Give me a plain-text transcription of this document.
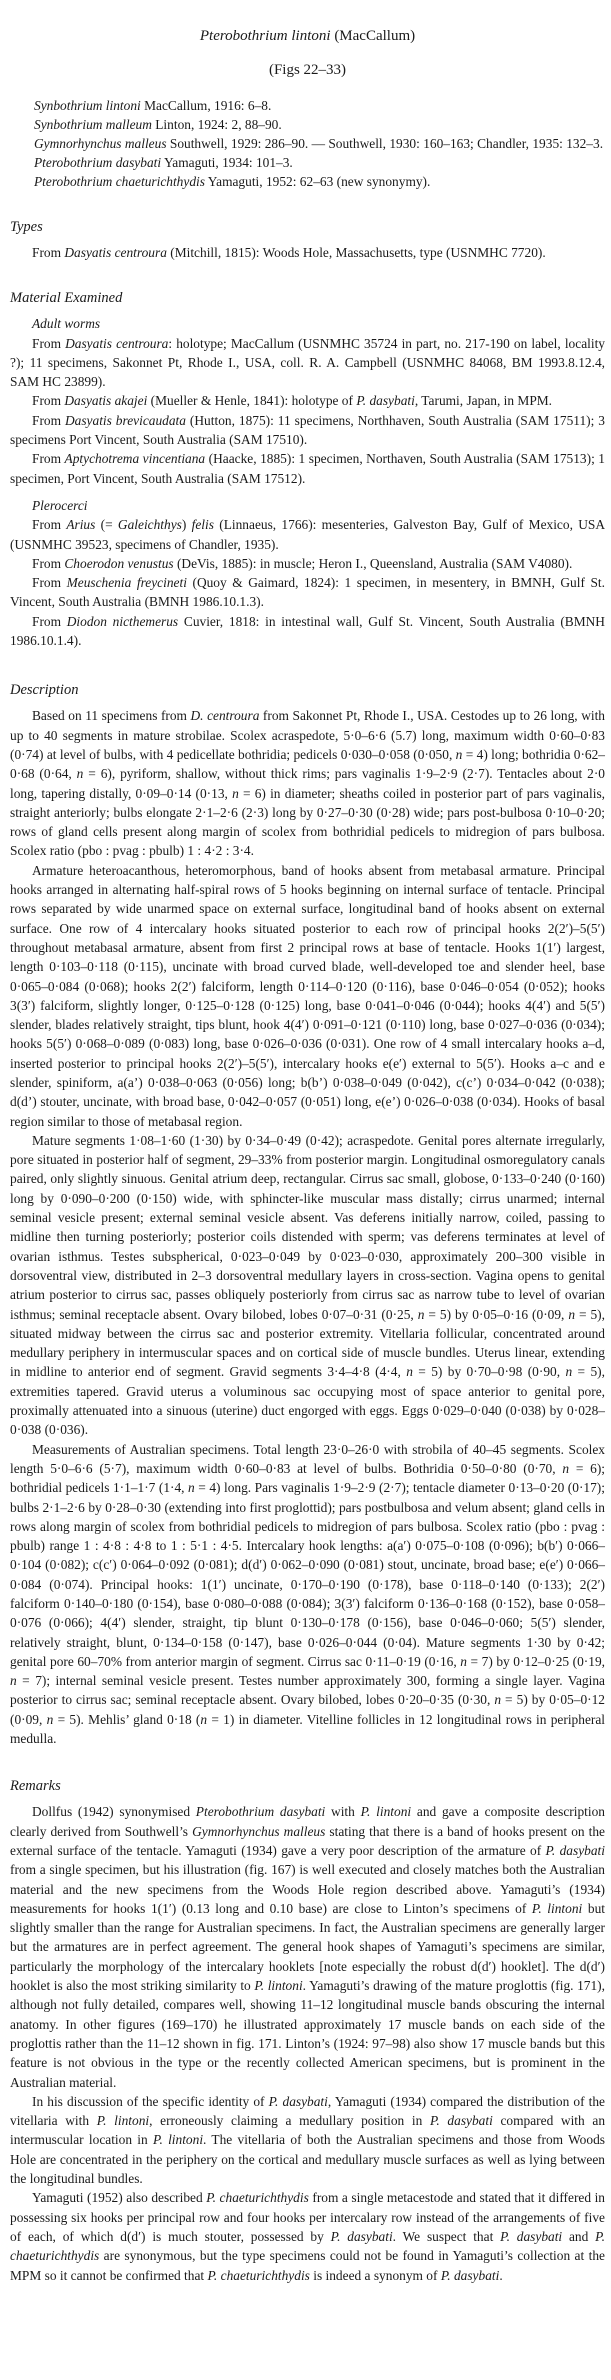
Pterobothrium lintoni (MacCallum)
(Figs 22–33)
Synbothrium lintoni MacCallum, 1916: 6–8.
Synbothrium malleum Linton, 1924: 2, 88–90.
Gymnorhynchus malleus Southwell, 1929: 286–90. — Southwell, 1930: 160–163; Chandler, 1935: 132–3.
Pterobothrium dasybati Yamaguti, 1934: 101–3.
Pterobothrium chaeturichthydis Yamaguti, 1952: 62–63 (new synonymy).
Types
From Dasyatis centroura (Mitchill, 1815): Woods Hole, Massachusetts, type (USNMHC 7720).
Material Examined
Adult worms
From Dasyatis centroura: holotype; MacCallum (USNMHC 35724 in part, no. 217-190 on label, locality ?); 11 specimens, Sakonnet Pt, Rhode I., USA, coll. R. A. Campbell (USNMHC 84068, BM 1993.8.12.4, SAM HC 23899).
From Dasyatis akajei (Mueller & Henle, 1841): holotype of P. dasybati, Tarumi, Japan, in MPM.
From Dasyatis brevicaudata (Hutton, 1875): 11 specimens, Northhaven, South Australia (SAM 17511); 3 specimens Port Vincent, South Australia (SAM 17510).
From Aptychotrema vincentiana (Haacke, 1885): 1 specimen, Northaven, South Australia (SAM 17513); 1 specimen, Port Vincent, South Australia (SAM 17512).
Plerocerci
From Arius (= Galeichthys) felis (Linnaeus, 1766): mesenteries, Galveston Bay, Gulf of Mexico, USA (USNMHC 39523, specimens of Chandler, 1935).
From Choerodon venustus (DeVis, 1885): in muscle; Heron I., Queensland, Australia (SAM V4080).
From Meuschenia freycineti (Quoy & Gaimard, 1824): 1 specimen, in mesentery, in BMNH, Gulf St. Vincent, South Australia (BMNH 1986.10.1.3).
From Diodon nicthemerus Cuvier, 1818: in intestinal wall, Gulf St. Vincent, South Australia (BMNH 1986.10.1.4).
Description
Based on 11 specimens from D. centroura from Sakonnet Pt, Rhode I., USA. Cestodes up to 26 long, with up to 40 segments in mature strobilae. Scolex acraspedote, 5·0–6·6 (5.7) long, maximum width 0·60–0·83 (0·74) at level of bulbs, with 4 pedicellate bothridia; pedicels 0·030–0·058 (0·050, n = 4) long; bothridia 0·62–0·68 (0·64, n = 6), pyriform, shallow, without thick rims; pars vaginalis 1·9–2·9 (2·7). Tentacles about 2·0 long, tapering distally, 0·09–0·14 (0·13, n = 6) in diameter; sheaths coiled in posterior part of pars vaginalis, straight anteriorly; bulbs elongate 2·1–2·6 (2·3) long by 0·27–0·30 (0·28) wide; pars post-bulbosa 0·10–0·20; rows of gland cells present along margin of scolex from bothridial pedicels to midregion of pars bulbosa. Scolex ratio (pbo : pvag : pbulb) 1 : 4·2 : 3·4.
Armature heteroacanthous, heteromorphous, band of hooks absent from metabasal armature. Principal hooks arranged in alternating half-spiral rows of 5 hooks beginning on internal surface of tentacle. Principal rows separated by wide unarmed space on external surface, longitudinal band of hooks absent on external surface. One row of 4 intercalary hooks situated posterior to each row of principal hooks 2(2′)–5(5′) throughout metabasal armature, absent from first 2 principal rows at base of tentacle. Hooks 1(1′) largest, length 0·103–0·118 (0·115), uncinate with broad curved blade, well-developed toe and slender heel, base 0·065–0·084 (0·068); hooks 2(2′) falciform, length 0·114–0·120 (0·116), base 0·046–0·054 (0·052); hooks 3(3′) falciform, slightly longer, 0·125–0·128 (0·125) long, base 0·041–0·046 (0·044); hooks 4(4′) and 5(5′) slender, blades relatively straight, tips blunt, hook 4(4′) 0·091–0·121 (0·110) long, base 0·027–0·036 (0·034); hooks 5(5′) 0·068–0·089 (0·083) long, base 0·026–0·036 (0·031). One row of 4 small intercalary hooks a–d, inserted posterior to principal hooks 2(2′)–5(5′), intercalary hooks e(e′) external to 5(5′). Hooks a–c and e slender, spiniform, a(a’) 0·038–0·063 (0·056) long; b(b’) 0·038–0·049 (0·042), c(c’) 0·034–0·042 (0·038); d(d’) stouter, uncinate, with broad base, 0·042–0·057 (0·051) long, e(e’) 0·026–0·038 (0·034). Hooks of basal region similar to those of metabasal region.
Mature segments 1·08–1·60 (1·30) by 0·34–0·49 (0·42); acraspedote. Genital pores alternate irregularly, pore situated in posterior half of segment, 29–33% from posterior margin. Longitudinal osmoregulatory canals paired, only slightly sinuous. Genital atrium deep, rectangular. Cirrus sac small, globose, 0·133–0·240 (0·160) long by 0·090–0·200 (0·150) wide, with sphincter-like muscular mass distally; cirrus unarmed; internal seminal vesicle present; external seminal vesicle absent. Vas deferens initially narrow, coiled, passing to midline then turning posteriorly; posterior coils distended with sperm; vas deferens terminates at level of ovarian isthmus. Testes subspherical, 0·023–0·049 by 0·023–0·030, approximately 200–300 visible in dorsoventral view, distributed in 2–3 dorsoventral medullary layers in cross-section. Vagina opens to genital atrium posterior to cirrus sac, passes obliquely posteriorly from cirrus sac as narrow tube to level of ovarian isthmus; seminal receptacle absent. Ovary bilobed, lobes 0·07–0·31 (0·25, n = 5) by 0·05–0·16 (0·09, n = 5), situated midway between the cirrus sac and posterior extremity. Vitellaria follicular, concentrated around medullary periphery in intermuscular spaces and on cortical side of muscle bundles. Uterus linear, extending in midline to anterior end of segment. Gravid segments 3·4–4·8 (4·4, n = 5) by 0·70–0·98 (0·90, n = 5), extremities tapered. Gravid uterus a voluminous sac occupying most of space anterior to genital pore, proximally attenuated into a sinuous (uterine) duct engorged with eggs. Eggs 0·029–0·040 (0·038) by 0·028–0·038 (0·036).
Measurements of Australian specimens. Total length 23·0–26·0 with strobila of 40–45 segments. Scolex length 5·0–6·6 (5·7), maximum width 0·60–0·83 at level of bulbs. Bothridia 0·50–0·80 (0·70, n = 6); bothridial pedicels 1·1–1·7 (1·4, n = 4) long. Pars vaginalis 1·9–2·9 (2·7); tentacle diameter 0·13–0·20 (0·17); bulbs 2·1–2·6 by 0·28–0·30 (extending into first proglottid); pars postbulbosa and velum absent; gland cells in rows along margin of scolex from bothridial pedicels to midregion of pars bulbosa. Scolex ratio (pbo : pvag : pbulb) range 1 : 4·8 : 4·8 to 1 : 5·1 : 4·5. Intercalary hook lengths: a(a′) 0·075–0·108 (0·096); b(b′) 0·066–0·104 (0·082); c(c′) 0·064–0·092 (0·081); d(d′) 0·062–0·090 (0·081) stout, uncinate, broad base; e(e′) 0·066–0·084 (0·074). Principal hooks: 1(1′) uncinate, 0·170–0·190 (0·178), base 0·118–0·140 (0·133); 2(2′) falciform 0·140–0·180 (0·154), base 0·080–0·088 (0·084); 3(3′) falciform 0·136–0·168 (0·152), base 0·058–0·076 (0·066); 4(4′) slender, straight, tip blunt 0·130–0·178 (0·156), base 0·046–0·060; 5(5′) slender, relatively straight, blunt, 0·134–0·158 (0·147), base 0·026–0·044 (0·04). Mature segments 1·30 by 0·42; genital pore 60–70% from anterior margin of segment. Cirrus sac 0·11–0·19 (0·16, n = 7) by 0·12–0·25 (0·19, n = 7); internal seminal vesicle present. Testes number approximately 300, forming a single layer. Vagina posterior to cirrus sac; seminal receptacle absent. Ovary bilobed, lobes 0·20–0·35 (0·30, n = 5) by 0·05–0·12 (0·09, n = 5). Mehlis’ gland 0·18 (n = 1) in diameter. Vitelline follicles in 12 longitudinal rows in peripheral medulla.
Remarks
Dollfus (1942) synonymised Pterobothrium dasybati with P. lintoni and gave a composite description clearly derived from Southwell’s Gymnorhynchus malleus stating that there is a band of hooks present on the external surface of the tentacle. Yamaguti (1934) gave a very poor description of the armature of P. dasybati from a single specimen, but his illustration (fig. 167) is well executed and closely matches both the Australian material and the new specimens from the Woods Hole region described above. Yamaguti’s (1934) measurements for hooks 1(1′) (0.13 long and 0.10 base) are close to Linton’s specimens of P. lintoni but slightly smaller than the range for Australian specimens. In fact, the Australian specimens are generally larger but the armatures are in perfect agreement. The general hook shapes of Yamaguti’s specimens are similar, particularly the morphology of the intercalary hooklets [note especially the robust d(d′) hooklet]. The d(d′) hooklet is also the most striking similarity to P. lintoni. Yamaguti’s drawing of the mature proglottis (fig. 171), although not fully detailed, compares well, showing 11–12 longitudinal muscle bands obscuring the internal anatomy. In other figures (169–170) he illustrated approximately 17 muscle bands on each side of the proglottis rather than the 11–12 shown in fig. 171. Linton’s (1924: 97–98) also show 17 muscle bands but this feature is not obvious in the type or the recently collected American specimens, but is prominent in the Australian material.
In his discussion of the specific identity of P. dasybati, Yamaguti (1934) compared the distribution of the vitellaria with P. lintoni, erroneously claiming a medullary position in P. dasybati compared with an intermuscular location in P. lintoni. The vitellaria of both the Australian specimens and those from Woods Hole are concentrated in the periphery on the cortical and medullary muscle surfaces as well as lying between the longitudinal bundles.
Yamaguti (1952) also described P. chaeturichthydis from a single metacestode and stated that it differed in possessing six hooks per principal row and four hooks per intercalary row instead of the arrangements of five of each, of which d(d′) is much stouter, possessed by P. dasybati. We suspect that P. dasybati and P. chaeturichthydis are synonymous, but the type specimens could not be found in Yamaguti’s collection at the MPM so it cannot be confirmed that P. chaeturichthydis is indeed a synonym of P. dasybati.
